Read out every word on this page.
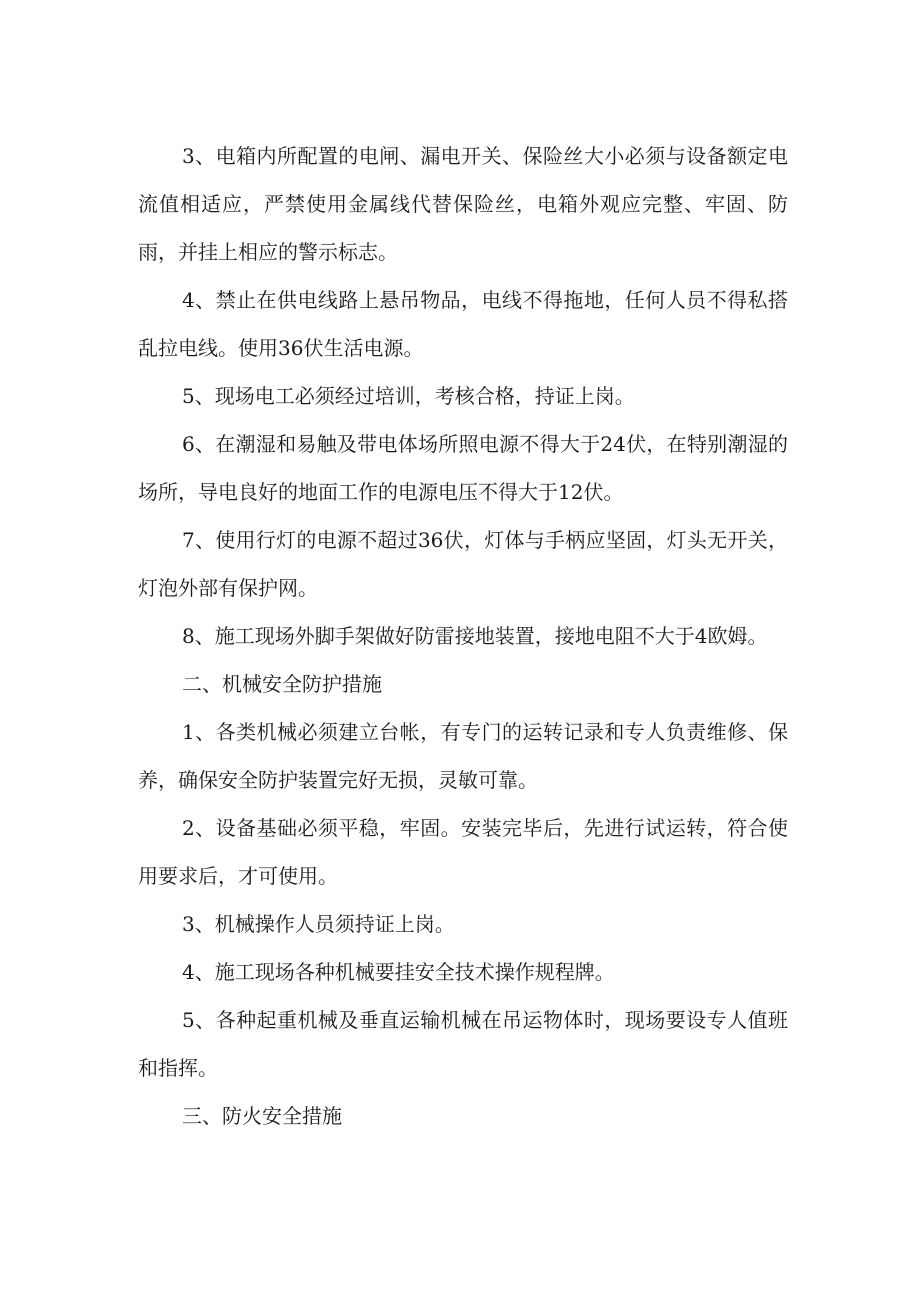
3、电箱内所配置的电闸、漏电开关、保险丝大小必须与设备额定电流值相适应，严禁使用金属线代替保险丝，电箱外观应完整、牢固、防雨，并挂上相应的警示标志。

4、禁止在供电线路上悬吊物品，电线不得拖地，任何人员不得私搭乱拉电线。使用36伏生活电源。

5、现场电工必须经过培训，考核合格，持证上岗。

6、在潮湿和易触及带电体场所照电源不得大于24伏，在特别潮湿的场所，导电良好的地面工作的电源电压不得大于12伏。

7、使用行灯的电源不超过36伏，灯体与手柄应坚固，灯头无开关，灯泡外部有保护网。

8、施工现场外脚手架做好防雷接地装置，接地电阻不大于4欧姆。

二、机械安全防护措施

1、各类机械必须建立台帐，有专门的运转记录和专人负责维修、保养，确保安全防护装置完好无损，灵敏可靠。

2、设备基础必须平稳，牢固。安装完毕后，先进行试运转，符合使用要求后，才可使用。

3、机械操作人员须持证上岗。

4、施工现场各种机械要挂安全技术操作规程牌。

5、各种起重机械及垂直运输机械在吊运物体时，现场要设专人值班和指挥。

三、防火安全措施
